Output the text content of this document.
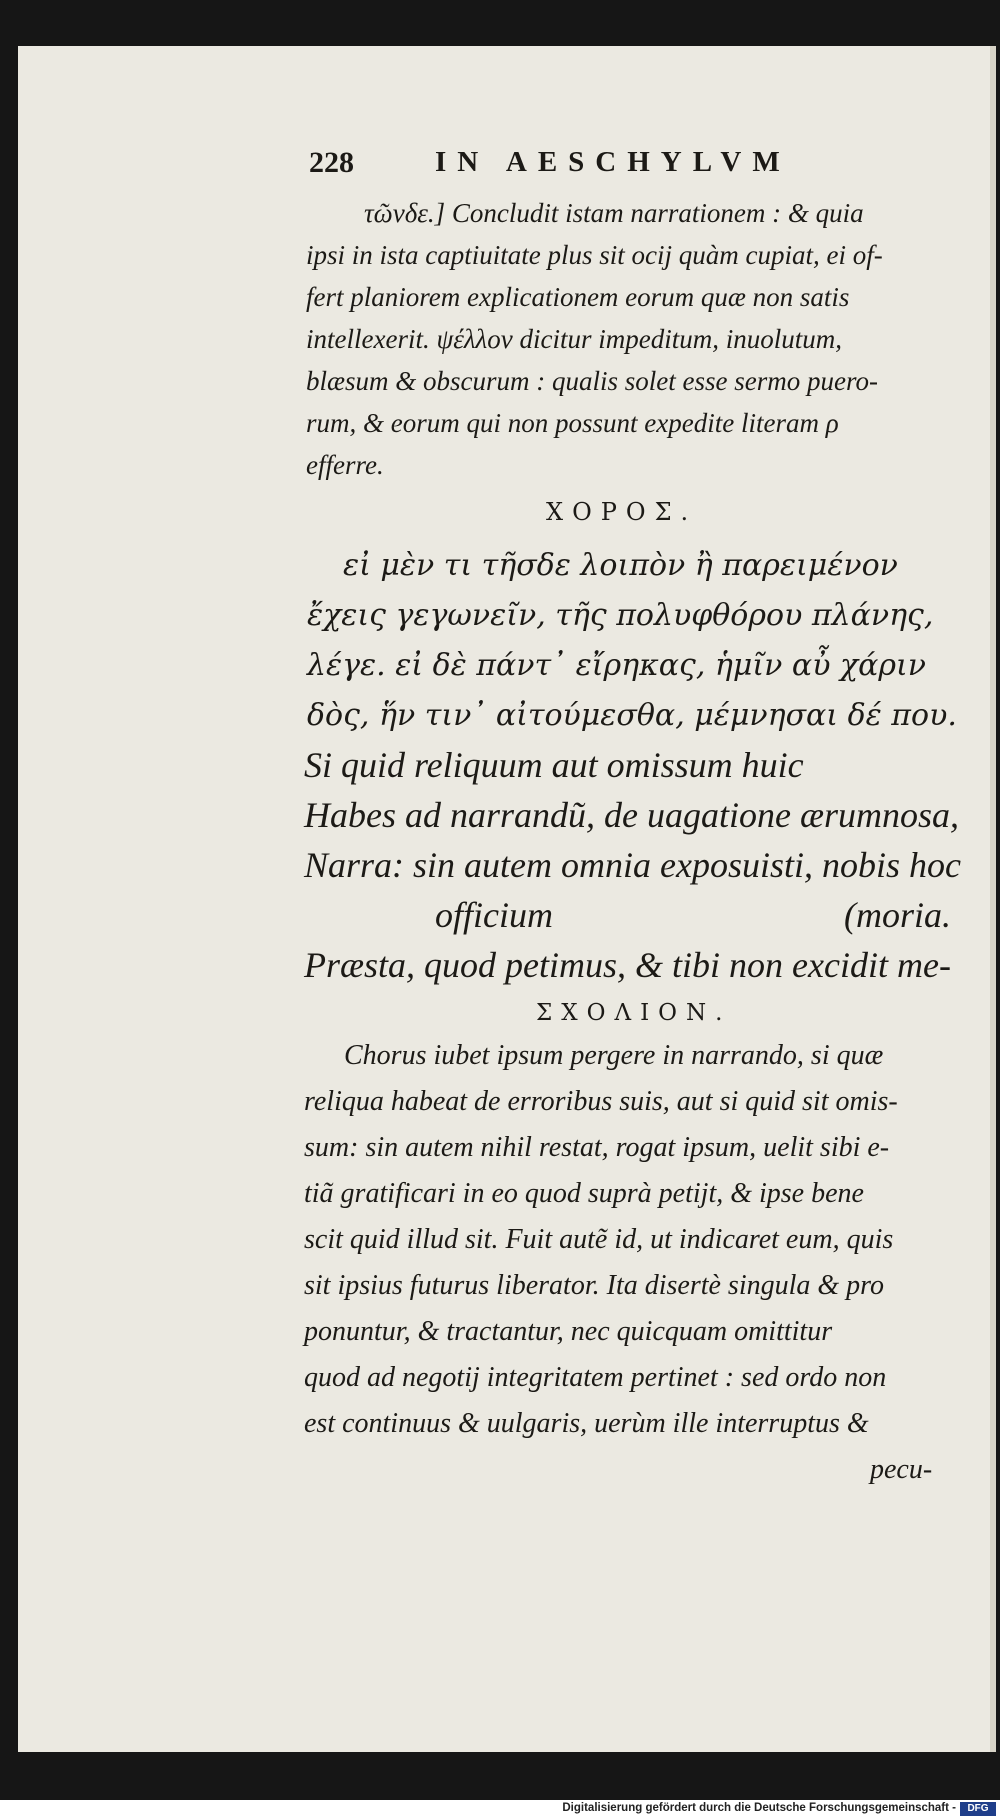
228	IN AESCHYLVM
τῶνδε.] Concludit istam narrationem : & quia
ipsi in ista captiuitate plus sit ocij quàm cupiat, ei of-
fert planiorem explicationem eorum quæ non satis
intellexerit. ψέλλον dicitur impeditum, inuolutum,
blæsum & obscurum : qualis solet esse sermo puero-
rum, & eorum qui non possunt expedite literam ρ
efferre.
ΧΟΡΟΣ.
εἰ μὲν τι τῆσδε λοιπὸν ἢ παρειμένον
ἔχεις γεγωνεῖν, τῆς πολυφθόρου πλάνης,
λέγε. εἰ δὲ πάντ᾽ εἴρηκας, ἡμῖν αὖ χάριν
δὸς, ἥν τιν᾽ αἰτούμεσθα, μέμνησαι δέ που.
Si quid reliquum aut omissum huic
Habes ad narrandũ, de uagatione ærumnosa,
Narra: sin autem omnia exposuisti, nobis hoc
officium	(moria.
Præsta, quod petimus, & tibi non excidit me-
ΣΧΟΛΙΟΝ.
Chorus iubet ipsum pergere in narrando, si quæ
reliqua habeat de erroribus suis, aut si quid sit omis-
sum: sin autem nihil restat, rogat ipsum, uelit sibi e-
tiã gratificari in eo quod suprà petijt, & ipse bene
scit quid illud sit. Fuit autẽ id, ut indicaret eum, quis
sit ipsius futurus liberator. Ita disertè singula & pro
ponuntur, & tractantur, nec quicquam omittitur
quod ad negotij integritatem pertinet : sed ordo non
est continuus & uulgaris, uerùm ille interruptus &
pecu-
Digitalisierung gefördert durch die Deutsche Forschungsgemeinschaft -	DFG
